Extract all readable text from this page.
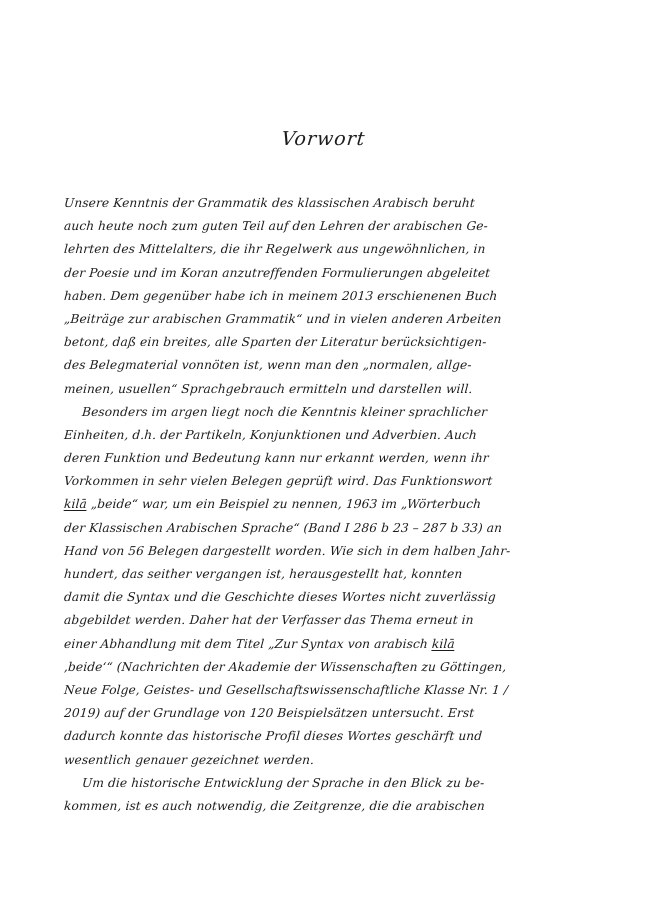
Vorwort
Unsere Kenntnis der Grammatik des klassischen Arabisch beruht
auch heute noch zum guten Teil auf den Lehren der arabischen Ge-
lehrten des Mittelalters, die ihr Regelwerk aus ungewöhnlichen, in
der Poesie und im Koran anzutreffenden Formulierungen abgeleitet
haben. Dem gegenüber habe ich in meinem 2013 erschienenen Buch
„Beiträge zur arabischen Grammatik“ und in vielen anderen Arbeiten
betont, daß ein breites, alle Sparten der Literatur berücksichtigen-
des Belegmaterial vonnöten ist, wenn man den „normalen, allge-
meinen, usuellen“ Sprachgebrauch ermitteln und darstellen will.
Besonders im argen liegt noch die Kenntnis kleiner sprachlicher
Einheiten, d.h. der Partikeln, Konjunktionen und Adverbien. Auch
deren Funktion und Bedeutung kann nur erkannt werden, wenn ihr
Vorkommen in sehr vielen Belegen geprüft wird. Das Funktionswort
kilā „beide“ war, um ein Beispiel zu nennen, 1963 im „Wörterbuch
der Klassischen Arabischen Sprache“ (Band I 286 b 23 – 287 b 33) an
Hand von 56 Belegen dargestellt worden. Wie sich in dem halben Jahr-
hundert, das seither vergangen ist, herausgestellt hat, konnten
damit die Syntax und die Geschichte dieses Wortes nicht zuverlässig
abgebildet werden. Daher hat der Verfasser das Thema erneut in
einer Abhandlung mit dem Titel „Zur Syntax von arabisch kilā
‚beide‘“ (Nachrichten der Akademie der Wissenschaften zu Göttingen,
Neue Folge, Geistes- und Gesellschaftswissenschaftliche Klasse Nr. 1 /
2019) auf der Grundlage von 120 Beispielsätzen untersucht. Erst
dadurch konnte das historische Profil dieses Wortes geschärft und
wesentlich genauer gezeichnet werden.
Um die historische Entwicklung der Sprache in den Blick zu be-
kommen, ist es auch notwendig, die Zeitgrenze, die die arabischen
